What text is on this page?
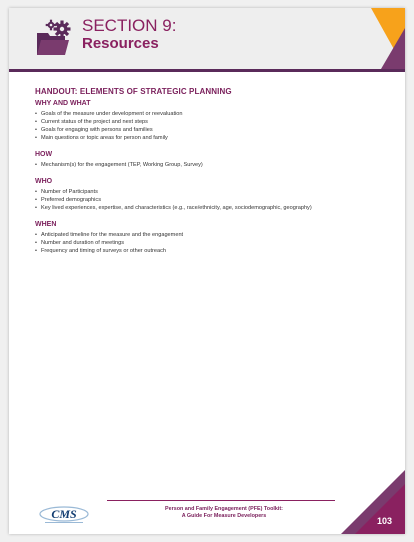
SECTION 9:
Resources
HANDOUT: ELEMENTS OF STRATEGIC PLANNING
WHY AND WHAT
• Goals of the measure under development or reevaluation
• Current status of the project and next steps
• Goals for engaging with persons and families
• Main questions or topic areas for person and family
HOW
• Mechanism(s) for the engagement (TEP, Working Group, Survey)
WHO
• Number of Participants
• Preferred demographics
• Key lived experiences, expertise, and characteristics (e.g., race/ethnicity, age, sociodemographic, geography)
WHEN
• Anticipated timeline for the measure and the engagement
• Number and duration of meetings
• Frequency and timing of surveys or other outreach
CMS	Person and Family Engagement (PFE) Toolkit:
A Guide For Measure Developers	103
